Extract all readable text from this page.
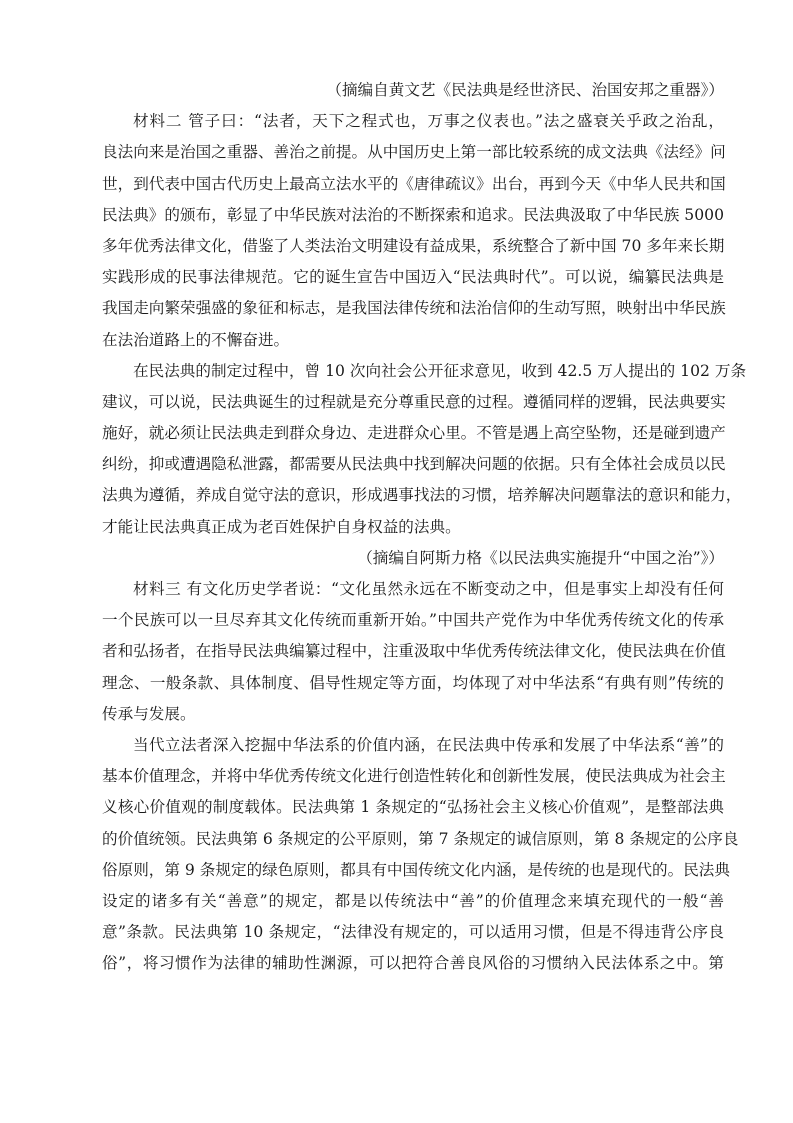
（摘编自黄文艺《民法典是经世济民、治国安邦之重器》）
材料二 管子曰：“法者，天下之程式也，万事之仪表也。”法之盛衰关乎政之治乱，
良法向来是治国之重器、善治之前提。从中国历史上第一部比较系统的成文法典《法经》问
世，到代表中国古代历史上最高立法水平的《唐律疏议》出台，再到今天《中华人民共和国
民法典》的颁布，彰显了中华民族对法治的不断探索和追求。民法典汲取了中华民族 5000
多年优秀法律文化，借鉴了人类法治文明建设有益成果，系统整合了新中国 70 多年来长期
实践形成的民事法律规范。它的诞生宣告中国迈入“民法典时代”。可以说，编纂民法典是
我国走向繁荣强盛的象征和标志，是我国法律传统和法治信仰的生动写照，映射出中华民族
在法治道路上的不懈奋进。
在民法典的制定过程中，曾 10 次向社会公开征求意见，收到 42.5 万人提出的 102 万条
建议，可以说，民法典诞生的过程就是充分尊重民意的过程。遵循同样的逻辑，民法典要实
施好，就必须让民法典走到群众身边、走进群众心里。不管是遇上高空坠物，还是碰到遗产
纠纷，抑或遭遇隐私泄露，都需要从民法典中找到解决问题的依据。只有全体社会成员以民
法典为遵循，养成自觉守法的意识，形成遇事找法的习惯，培养解决问题靠法的意识和能力，
才能让民法典真正成为老百姓保护自身权益的法典。
（摘编自阿斯力格《以民法典实施提升“中国之治”》）
材料三 有文化历史学者说：“文化虽然永远在不断变动之中，但是事实上却没有任何
一个民族可以一旦尽弃其文化传统而重新开始。”中国共产党作为中华优秀传统文化的传承
者和弘扬者，在指导民法典编纂过程中，注重汲取中华优秀传统法律文化，使民法典在价值
理念、一般条款、具体制度、倡导性规定等方面，均体现了对中华法系“有典有则”传统的
传承与发展。
当代立法者深入挖掘中华法系的价值内涵，在民法典中传承和发展了中华法系“善”的
基本价值理念，并将中华优秀传统文化进行创造性转化和创新性发展，使民法典成为社会主
义核心价值观的制度载体。民法典第 1 条规定的“弘扬社会主义核心价值观”，是整部法典
的价值统领。民法典第 6 条规定的公平原则，第 7 条规定的诚信原则，第 8 条规定的公序良
俗原则，第 9 条规定的绿色原则，都具有中国传统文化内涵，是传统的也是现代的。民法典
设定的诸多有关“善意”的规定，都是以传统法中“善”的价值理念来填充现代的一般“善
意”条款。民法典第 10 条规定，“法律没有规定的，可以适用习惯，但是不得违背公序良
俗”，将习惯作为法律的辅助性渊源，可以把符合善良风俗的习惯纳入民法体系之中。第
